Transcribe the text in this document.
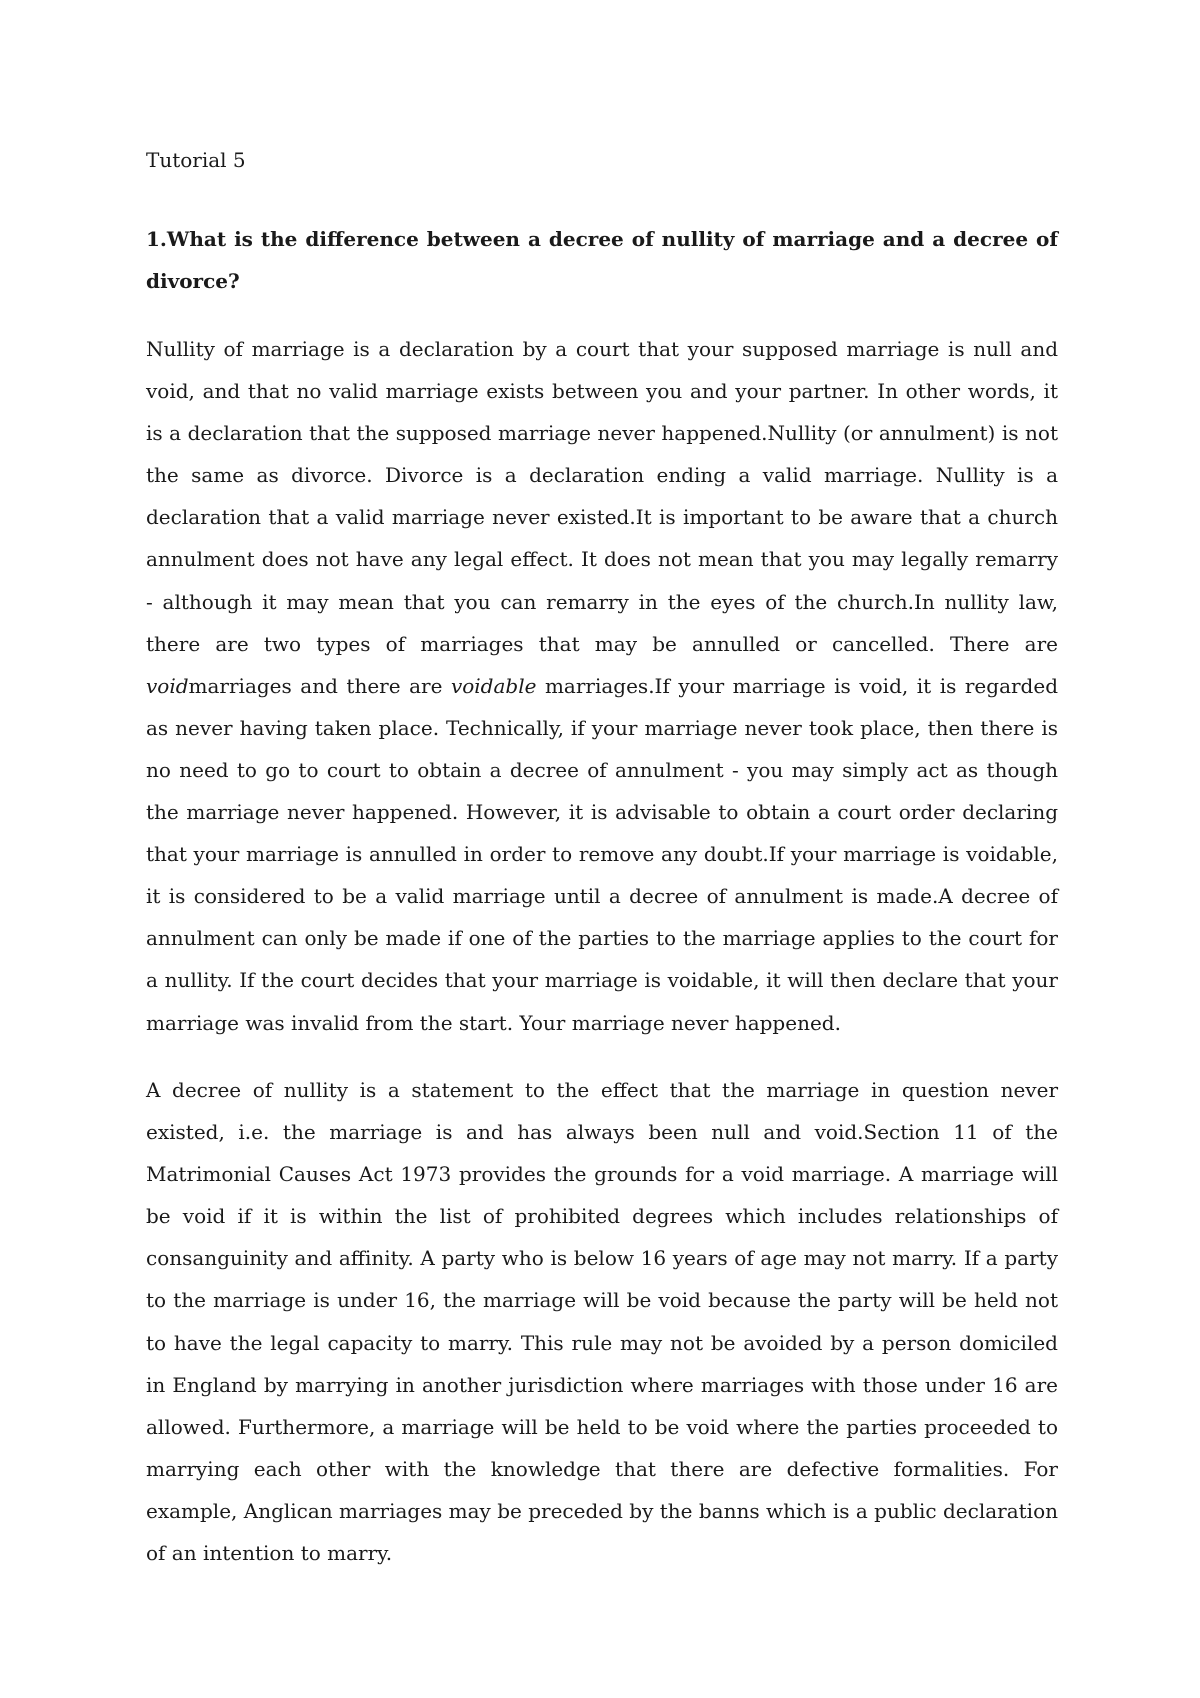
Tutorial 5

1.What is the difference between a decree of nullity of marriage and a decree of divorce?

Nullity of marriage is a declaration by a court that your supposed marriage is null and void, and that no valid marriage exists between you and your partner. In other words, it is a declaration that the supposed marriage never happened.Nullity (or annulment) is not the same as divorce. Divorce is a declaration ending a valid marriage. Nullity is a declaration that a valid marriage never existed.It is important to be aware that a church annulment does not have any legal effect. It does not mean that you may legally remarry - although it may mean that you can remarry in the eyes of the church.In nullity law, there are two types of marriages that may be annulled or cancelled. There are voidmarriages and there are voidable marriages.If your marriage is void, it is regarded as never having taken place. Technically, if your marriage never took place, then there is no need to go to court to obtain a decree of annulment - you may simply act as though the marriage never happened. However, it is advisable to obtain a court order declaring that your marriage is annulled in order to remove any doubt.If your marriage is voidable, it is considered to be a valid marriage until a decree of annulment is made.A decree of annulment can only be made if one of the parties to the marriage applies to the court for a nullity. If the court decides that your marriage is voidable, it will then declare that your marriage was invalid from the start. Your marriage never happened.

A decree of nullity is a statement to the effect that the marriage in question never existed, i.e. the marriage is and has always been null and void.Section 11 of the Matrimonial Causes Act 1973 provides the grounds for a void marriage. A marriage will be void if it is within the list of prohibited degrees which includes relationships of consanguinity and affinity. A party who is below 16 years of age may not marry. If a party to the marriage is under 16, the marriage will be void because the party will be held not to have the legal capacity to marry. This rule may not be avoided by a person domiciled in England by marrying in another jurisdiction where marriages with those under 16 are allowed. Furthermore, a marriage will be held to be void where the parties proceeded to marrying each other with the knowledge that there are defective formalities. For example, Anglican marriages may be preceded by the banns which is a public declaration of an intention to marry.
